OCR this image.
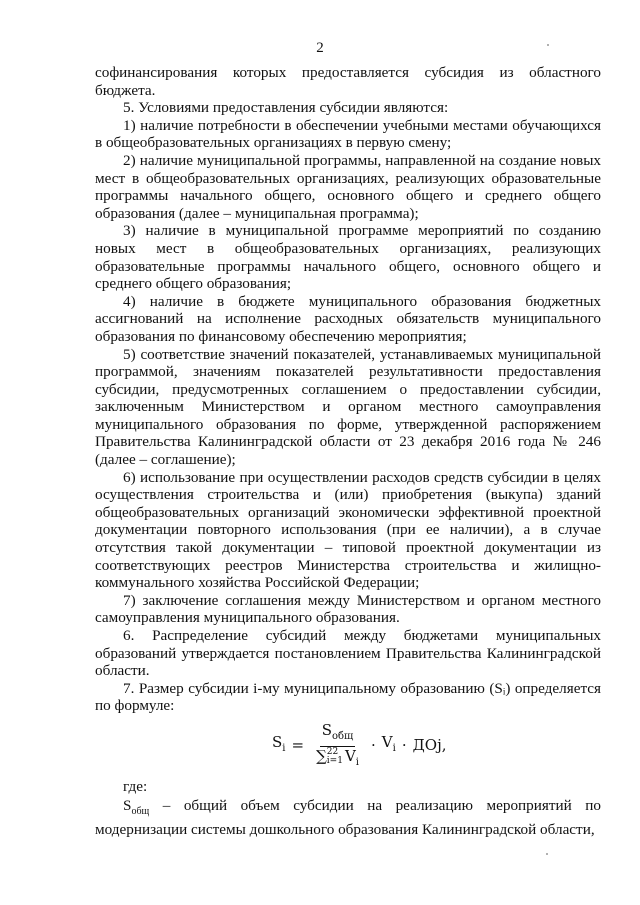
2

софинансирования которых предоставляется субсидия из областного бюджета.

5. Условиями предоставления субсидии являются:

1) наличие потребности в обеспечении учебными местами обучающихся в общеобразовательных организациях в первую смену;

2) наличие муниципальной программы, направленной на создание новых мест в общеобразовательных организациях, реализующих образовательные программы начального общего, основного общего и среднего общего образования (далее – муниципальная программа);

3) наличие в муниципальной программе мероприятий по созданию новых мест в общеобразовательных организациях, реализующих образовательные программы начального общего, основного общего и среднего общего образования;

4) наличие в бюджете муниципального образования бюджетных ассигнований на исполнение расходных обязательств муниципального образования по финансовому обеспечению мероприятия;

5) соответствие значений показателей, устанавливаемых муниципальной программой, значениям показателей результативности предоставления субсидии, предусмотренных соглашением о предоставлении субсидии, заключенным Министерством и органом местного самоуправления муниципального образования по форме, утвержденной распоряжением Правительства Калининградской области от 23 декабря 2016 года № 246 (далее – соглашение);

6) использование при осуществлении расходов средств субсидии в целях осуществления строительства и (или) приобретения (выкупа) зданий общеобразовательных организаций экономически эффективной проектной документации повторного использования (при ее наличии), а в случае отсутствия такой документации – типовой проектной документации из соответствующих реестров Министерства строительства и жилищно-коммунального хозяйства Российской Федерации;

7) заключение соглашения между Министерством и органом местного самоуправления муниципального образования.

6. Распределение субсидий между бюджетами муниципальных образований утверждается постановлением Правительства Калининградской области.

7. Размер субсидии i-му муниципальному образованию (Sᵢ) определяется по формуле:

$S_i = S_{общ}$
∑ 22
i=1 $V_i \cdot V_i$ · ДОj,
где:
$S_{общ}$ – общий объем субсидии на реализацию мероприятий по модернизации системы дошкольного образования Калининградской области,
